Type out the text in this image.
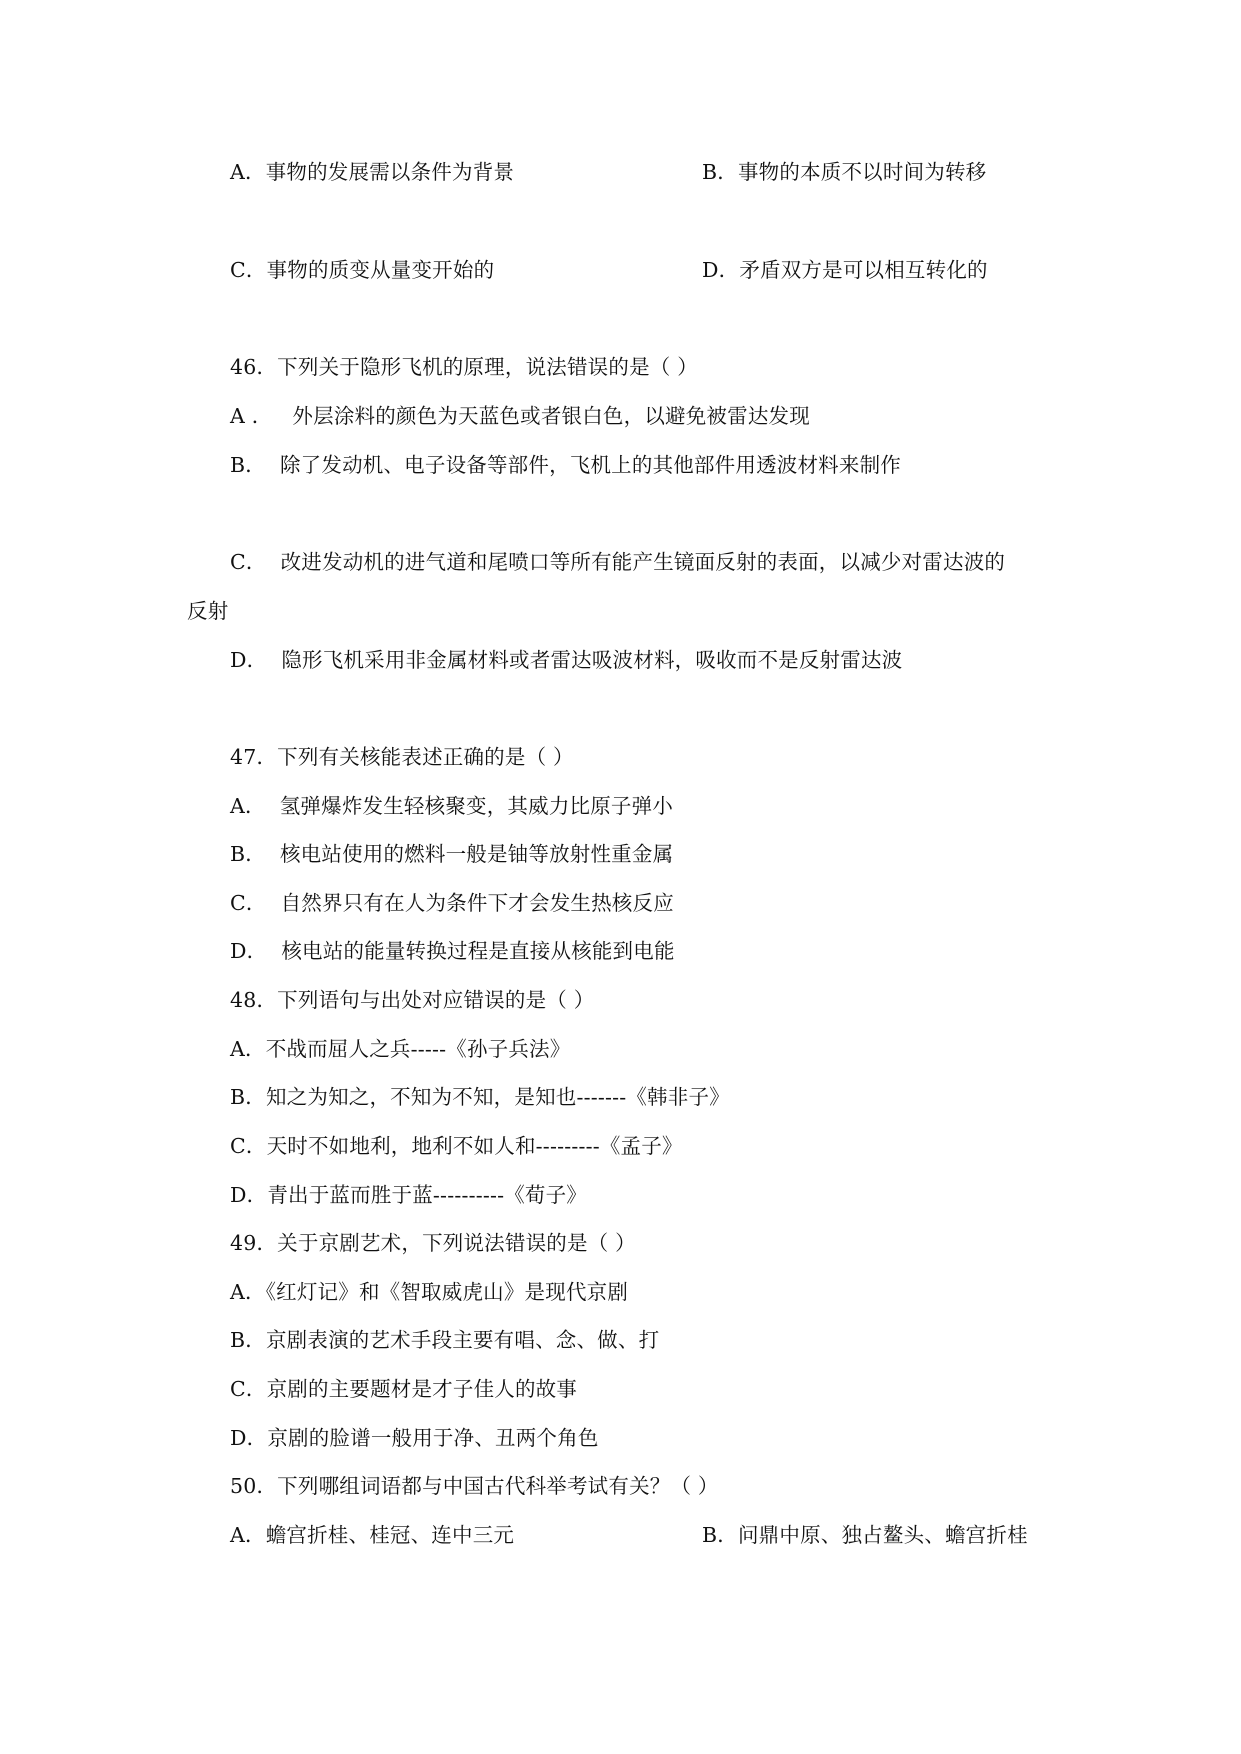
A．事物的发展需以条件为背景	B．事物的本质不以时间为转移
C．事物的质变从量变开始的	D．矛盾双方是可以相互转化的
46．下列关于隐形飞机的原理，说法错误的是（ ）
A ． 外层涂料的颜色为天蓝色或者银白色，以避免被雷达发现
B． 除了发动机、电子设备等部件，飞机上的其他部件用透波材料来制作
C． 改进发动机的进气道和尾喷口等所有能产生镜面反射的表面，以减少对雷达波的
反射
D． 隐形飞机采用非金属材料或者雷达吸波材料，吸收而不是反射雷达波
47．下列有关核能表述正确的是（ ）
A． 氢弹爆炸发生轻核聚变，其威力比原子弹小
B． 核电站使用的燃料一般是铀等放射性重金属
C． 自然界只有在人为条件下才会发生热核反应
D． 核电站的能量转换过程是直接从核能到电能
48．下列语句与出处对应错误的是（ ）
A．不战而屈人之兵-----《孙子兵法》
B．知之为知之，不知为不知，是知也-------《韩非子》
C．天时不如地利，地利不如人和---------《孟子》
D．青出于蓝而胜于蓝----------《荀子》
49．关于京剧艺术，下列说法错误的是（ ）
A．《红灯记》和《智取威虎山》是现代京剧
B．京剧表演的艺术手段主要有唱、念、做、打
C．京剧的主要题材是才子佳人的故事
D．京剧的脸谱一般用于净、丑两个角色
50．下列哪组词语都与中国古代科举考试有关？（ ）
A．蟾宫折桂、桂冠、连中三元	B．问鼎中原、独占鳌头、蟾宫折桂
